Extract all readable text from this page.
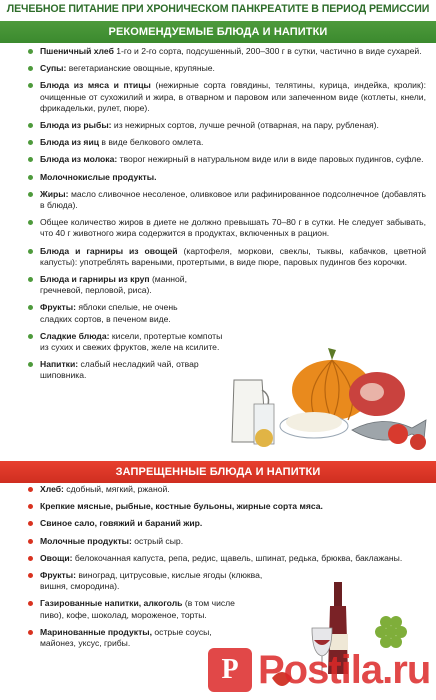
ЛЕЧЕБНОЕ ПИТАНИЕ ПРИ ХРОНИЧЕСКОМ ПАНКРЕАТИТЕ В ПЕРИОД РЕМИССИИ
РЕКОМЕНДУЕМЫЕ БЛЮДА И НАПИТКИ
Пшеничный хлеб 1-го и 2-го сорта, подсушенный, 200–300 г в сутки, частично в виде сухарей.
Супы: вегетарианские овощные, крупяные.
Блюда из мяса и птицы (нежирные сорта говядины, телятины, курица, индейка, кролик): очищенные от сухожилий и жира, в отварном и паровом или запеченном виде (котлеты, кнели, фрикадельки, рулет, пюре).
Блюда из рыбы: из нежирных сортов, лучше речной (отварная, на пару, рубленая).
Блюда из яиц в виде белкового омлета.
Блюда из молока: творог нежирный в натуральном виде или в виде паровых пудингов, суфле.
Молочнокислые продукты.
Жиры: масло сливочное несоленое, оливковое или рафинированное подсолнечное (добавлять в блюда).
Общее количество жиров в диете не должно превышать 70–80 г в сутки. Не следует забывать, что 40 г животного жира содержится в продуктах, включенных в рацион.
Блюда и гарниры из овощей (картофеля, моркови, свеклы, тыквы, кабачков, цветной капусты): употреблять вареными, протертыми, в виде пюре, паровых пудингов без корочки.
Блюда и гарниры из круп (манной, гречневой, перловой, риса).
Фрукты: яблоки спелые, не очень сладких сортов, в печеном виде.
Сладкие блюда: кисели, протертые компоты из сухих и свежих фруктов, желе на ксилите.
Напитки: слабый несладкий чай, отвар шиповника.
ЗАПРЕЩЕННЫЕ БЛЮДА И НАПИТКИ
Хлеб: сдобный, мягкий, ржаной.
Крепкие мясные, рыбные, костные бульоны, жирные сорта мяса.
Свиное сало, говяжий и бараний жир.
Молочные продукты: острый сыр.
Овощи: белокочанная капуста, репа, редис, щавель, шпинат, редька, брюква, баклажаны.
Фрукты: виноград, цитрусовые, кислые ягоды (клюква, вишня, смородина).
Газированные напитки, алкоголь (в том числе пиво), кофе, шоколад, мороженое, торты.
Маринованные продукты, острые соусы, майонез, уксус, грибы.
P Postila.ru
